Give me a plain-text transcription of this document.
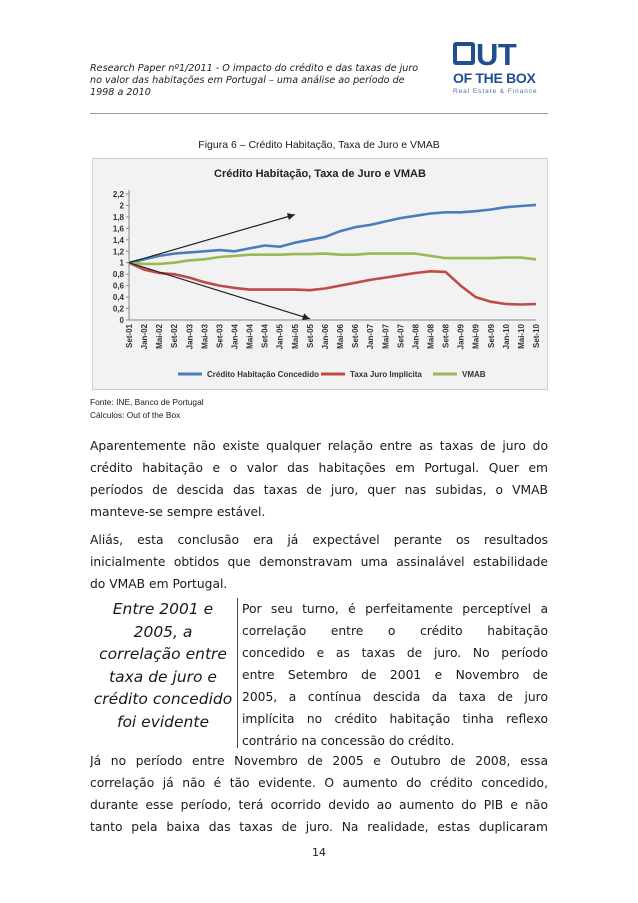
Research Paper nº1/2011 - O impacto do crédito e das taxas de juro
no valor das habitações em Portugal – uma análise ao período de
1998 a 2010
UT
OF THE BOX
Real Estate & Finance
Figura 6 – Crédito Habitação, Taxa de Juro e VMAB
Crédito Habitação, Taxa de Juro e VMAB
0
0,2
0,4
0,6
0,8
1
1,2
1,4
1,6
1,8
2
2,2
Set-01 Jan-02 Mai-02 Set-02 Jan-03 Mai-03 Set-03 Jan-04 Mai-04 Set-04 Jan-05 Mai-05 Set-05 Jan-06 Mai-06 Set-06 Jan-07 Mai-07 Set-07 Jan-08 Mai-08 Set-08 Jan-09 Mai-09 Set-09 Jan-10 Mai-10 Set-10
Crédito Habitação Concedido	Taxa Juro Implícita	VMAB
Fonte: INE, Banco de Portugal
Cálculos: Out of the Box
Aparentemente não existe qualquer relação entre as taxas de juro do
crédito habitação e o valor das habitações em Portugal. Quer em
períodos de descida das taxas de juro, quer nas subidas, o VMAB
manteve-se sempre estável.
Aliás, esta conclusão era já expectável perante os resultados
inicialmente obtidos que demonstravam uma assinalável estabilidade
do VMAB em Portugal.
Entre 2001 e
2005, a
correlação entre
taxa de juro e
crédito concedido
foi evidente
Por seu turno, é perfeitamente perceptível a
correlação entre o crédito habitação
concedido e as taxas de juro. No período
entre Setembro de 2001 e Novembro de
2005, a contínua descida da taxa de juro
implícita no crédito habitação tinha reflexo
contrário na concessão do crédito.
Já no período entre Novembro de 2005 e Outubro de 2008, essa
correlação já não é tão evidente. O aumento do crédito concedido,
durante esse período, terá ocorrido devido ao aumento do PIB e não
tanto pela baixa das taxas de juro. Na realidade, estas duplicaram
14
